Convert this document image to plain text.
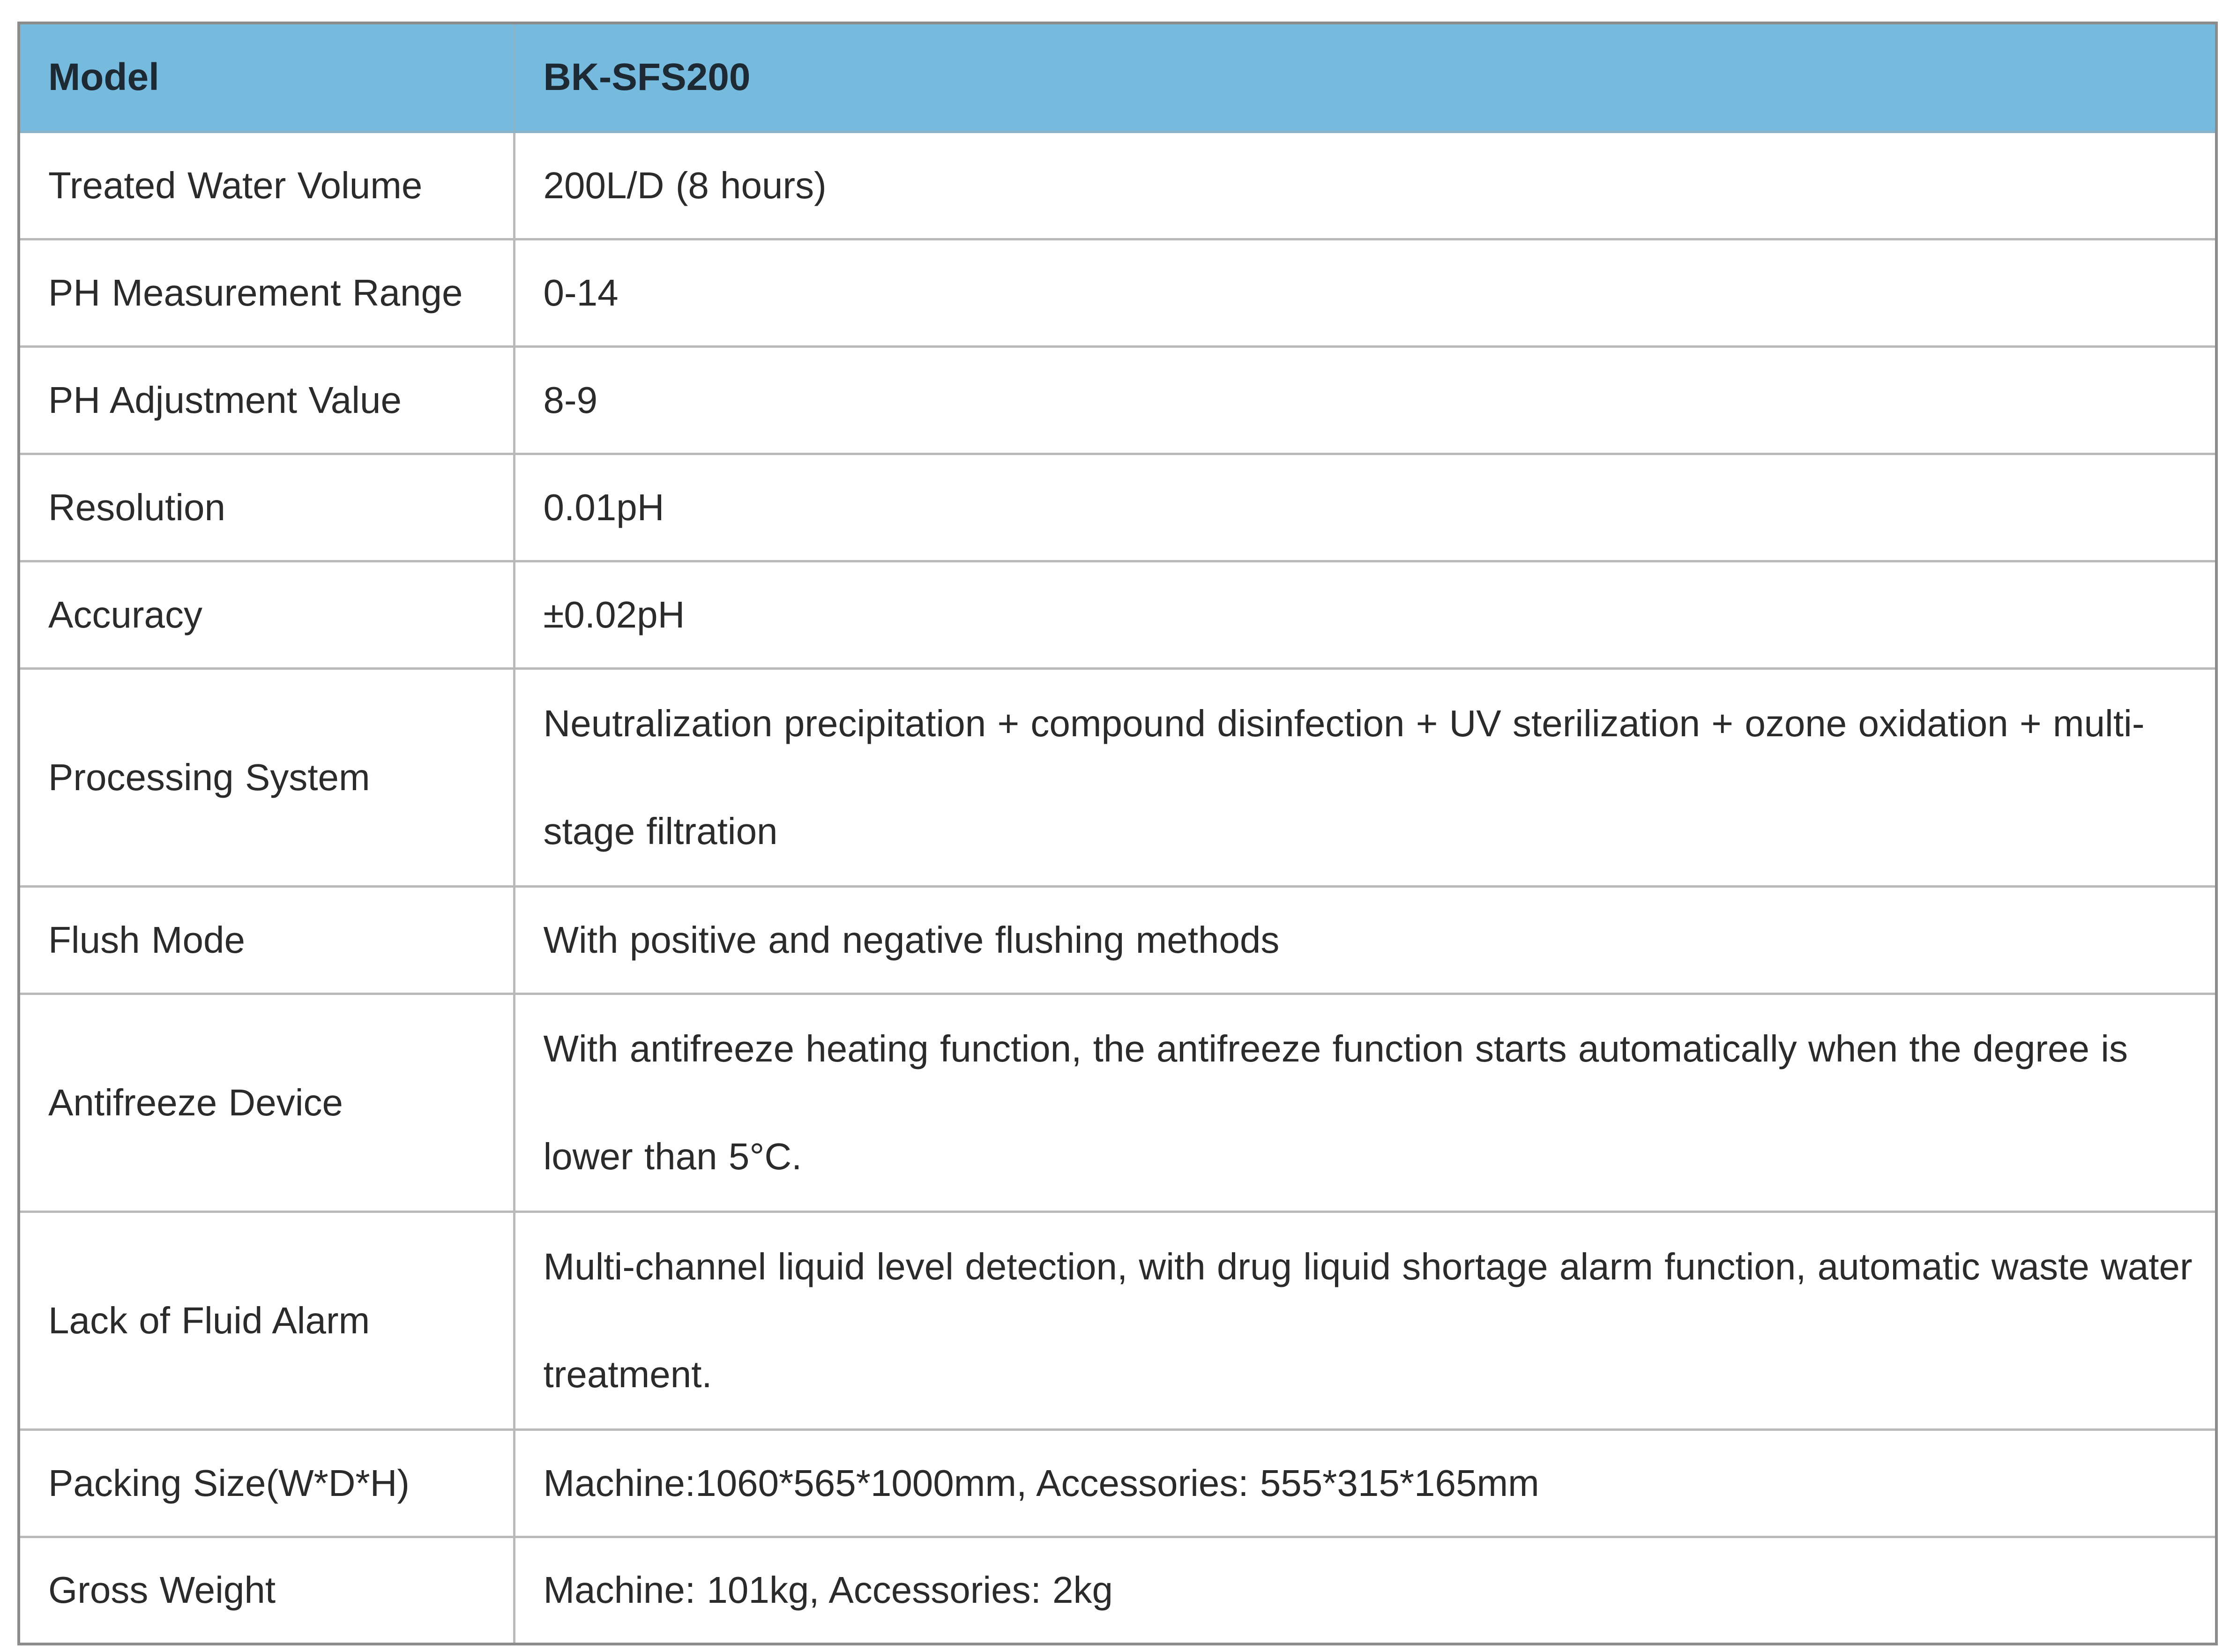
Model	BK-SFS200
Treated Water Volume	200L/D (8 hours)
PH Measurement Range	0-14
PH Adjustment Value	8-9
Resolution	0.01pH
Accuracy	±0.02pH
Processing System	Neutralization precipitation + compound disinfection + UV sterilization + ozone oxidation + multi-stage filtration
Flush Mode	With positive and negative flushing methods
Antifreeze Device	With antifreeze heating function, the antifreeze function starts automatically when the degree is lower than 5°C.
Lack of Fluid Alarm	Multi-channel liquid level detection, with drug liquid shortage alarm function, automatic waste water treatment.
Packing Size(W*D*H)	Machine:1060*565*1000mm, Accessories: 555*315*165mm
Gross Weight	Machine: 101kg, Accessories: 2kg
